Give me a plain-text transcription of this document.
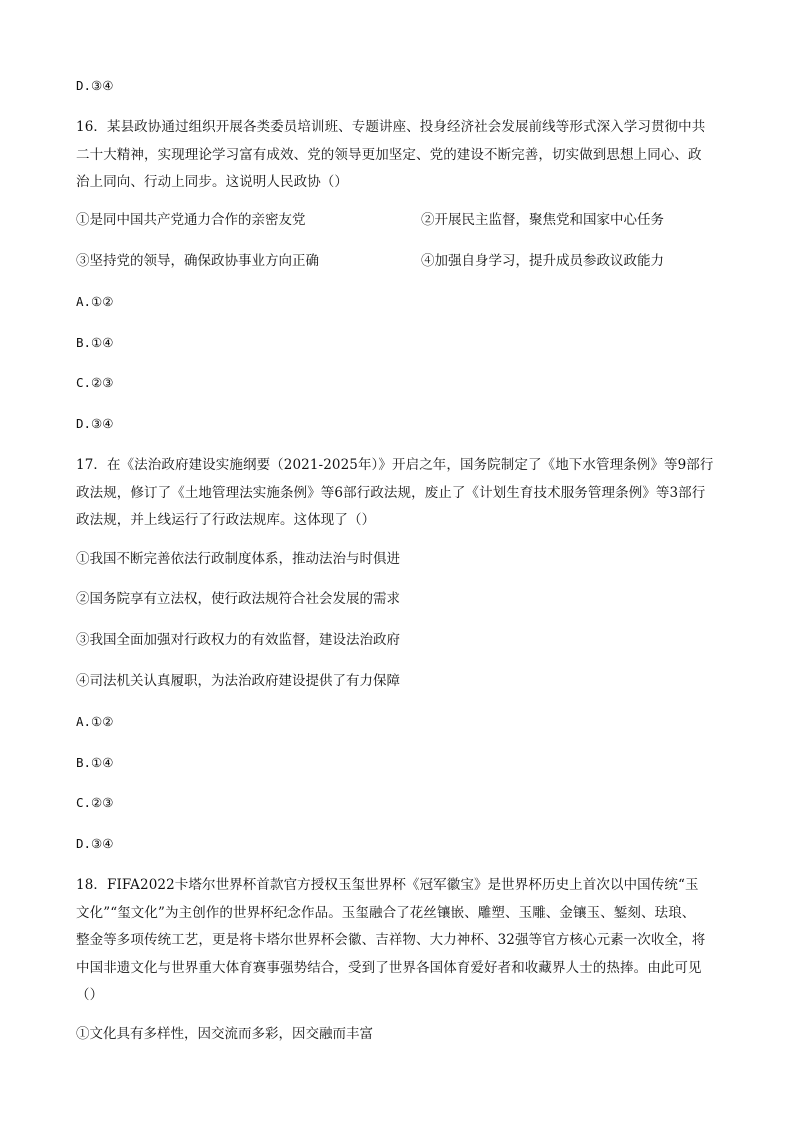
D.③④
16．某县政协通过组织开展各类委员培训班、专题讲座、投身经济社会发展前线等形式深入学习贯彻中共
二十大精神，实现理论学习富有成效、党的领导更加坚定、党的建设不断完善，切实做到思想上同心、政
治上同向、行动上同步。这说明人民政协（）
①是同中国共产党通力合作的亲密友党	②开展民主监督，聚焦党和国家中心任务
③坚持党的领导，确保政协事业方向正确	④加强自身学习，提升成员参政议政能力
A.①②
B.①④
C.②③
D.③④
17．在《法治政府建设实施纲要（2021-2025年）》开启之年，国务院制定了《地下水管理条例》等9部行
政法规，修订了《土地管理法实施条例》等6部行政法规，废止了《计划生育技术服务管理条例》等3部行
政法规，并上线运行了行政法规库。这体现了（）
①我国不断完善依法行政制度体系，推动法治与时俱进
②国务院享有立法权，使行政法规符合社会发展的需求
③我国全面加强对行政权力的有效监督，建设法治政府
④司法机关认真履职，为法治政府建设提供了有力保障
A.①②
B.①④
C.②③
D.③④
18．FIFA2022卡塔尔世界杯首款官方授权玉玺世界杯《冠军徽宝》是世界杯历史上首次以中国传统“玉
文化”“玺文化”为主创作的世界杯纪念作品。玉玺融合了花丝镶嵌、雕塑、玉雕、金镶玉、錾刻、珐琅、
整金等多项传统工艺，更是将卡塔尔世界杯会徽、吉祥物、大力神杯、32强等官方核心元素一次收全，将
中国非遗文化与世界重大体育赛事强势结合，受到了世界各国体育爱好者和收藏界人士的热捧。由此可见
（）
①文化具有多样性，因交流而多彩，因交融而丰富
